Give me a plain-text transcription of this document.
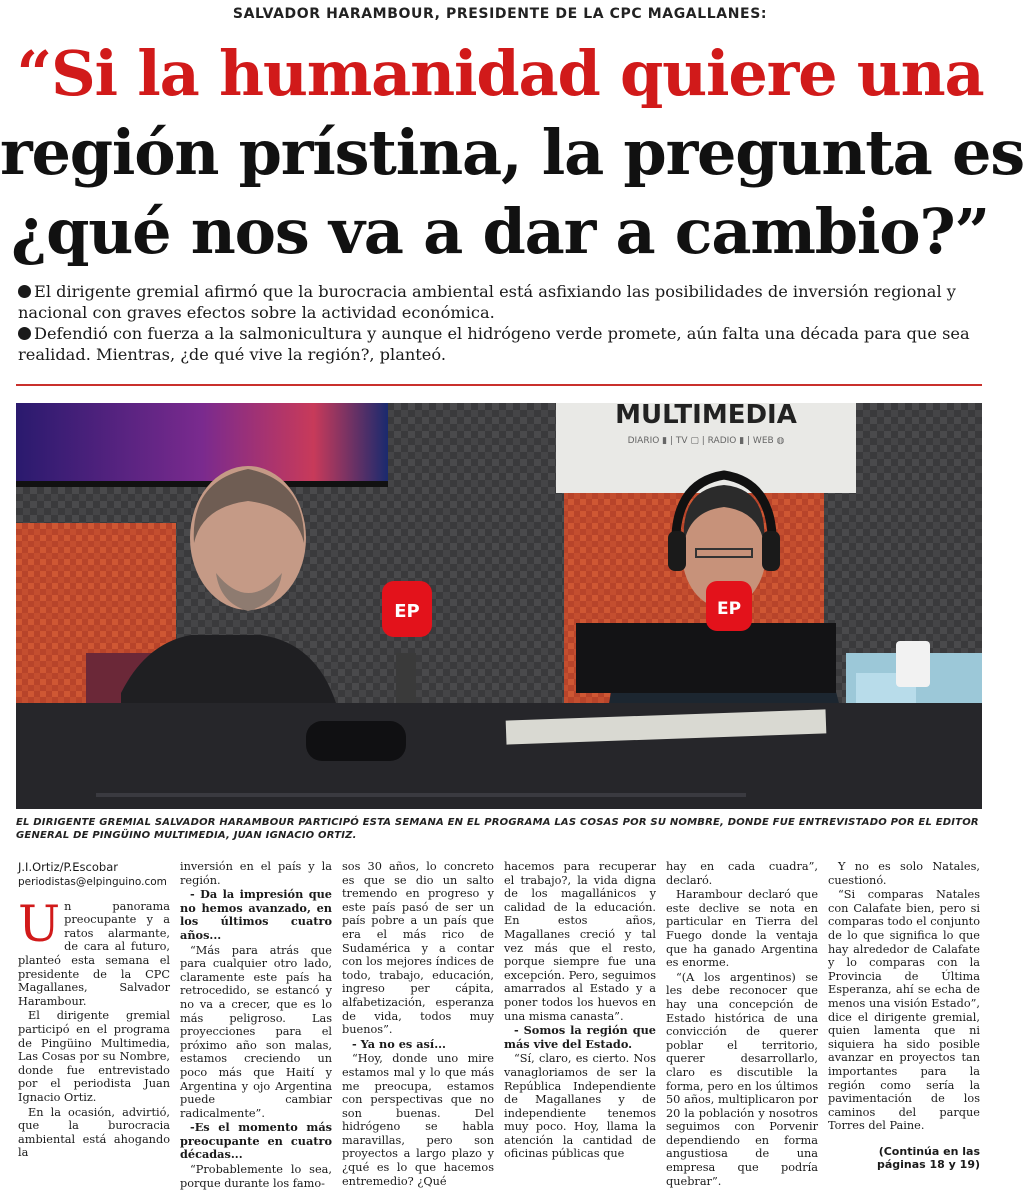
SALVADOR HARAMBOUR, PRESIDENTE DE LA CPC MAGALLANES:
“Si la humanidad quiere una
región prístina, la pregunta es
¿qué nos va a dar a cambio?”

El dirigente gremial afirmó que la burocracia ambiental está asfixiando las posibilidades de inversión regional y nacional con graves efectos sobre la actividad económica.

Defendió con fuerza a la salmonicultura y aunque el hidrógeno verde promete, aún falta una década para que sea realidad. Mientras, ¿de qué vive la región?, planteó.

MULTIMEDIA
DIARIO ▮ | TV ▢ | RADIO ▮ | WEB ◍
EP	EP
EL DIRIGENTE GREMIAL SALVADOR HARAMBOUR PARTICIPÓ ESTA SEMANA EN EL PROGRAMA LAS COSAS POR SU NOMBRE, DONDE FUE ENTREVISTADO POR EL EDITOR GENERAL DE PINGÜINO MULTIMEDIA, JUAN IGNACIO ORTIZ.

J.I.Ortiz/P.Escobar

periodistas@elpinguino.com

Un panorama preocupante y a ratos alarmante, de cara al futuro, planteó esta semana el presidente de la CPC Magallanes, Salvador Harambour.

El dirigente gremial participó en el programa de Pingüino Multimedia, Las Cosas por su Nombre, donde fue entrevistado por el periodista Juan Ignacio Ortiz.

En la ocasión, advirtió, que la burocracia ambiental está ahogando la

inversión en el país y la región.

- Da la impresión que no hemos avanzado, en los últimos cuatro años...

“Más para atrás que para cualquier otro lado, claramente este país ha retrocedido, se estancó y no va a crecer, que es lo más peligroso. Las proyecciones para el próximo año son malas, estamos creciendo un poco más que Haití y Argentina y ojo Argentina puede cambiar radicalmente”.

-Es el momento más preocupante en cuatro décadas...

“Probablemente lo sea, porque durante los famo-

sos 30 años, lo concreto es que se dio un salto tremendo en progreso y este país pasó de ser un país pobre a un país que era el más rico de Sudamérica y a contar con los mejores índices de todo, trabajo, educación, ingreso per cápita, alfabetización, esperanza de vida, todos muy buenos”.

- Ya no es así...

“Hoy, donde uno mire estamos mal y lo que más me preocupa, estamos con perspectivas que no son buenas. Del hidrógeno se habla maravillas, pero son proyectos a largo plazo y ¿qué es lo que hacemos entremedio? ¿Qué

hacemos para recuperar el trabajo?, la vida digna de los magallánicos y calidad de la educación. En estos años, Magallanes creció y tal vez más que el resto, porque siempre fue una excepción. Pero, seguimos amarrados al Estado y a poner todos los huevos en una misma canasta”.

- Somos la región que más vive del Estado.

“Sí, claro, es cierto. Nos vanagloriamos de ser la República Independiente de Magallanes y de independiente tenemos muy poco. Hoy, llama la atención la cantidad de oficinas públicas que

hay en cada cuadra”, declaró.

Harambour declaró que este declive se nota en particular en Tierra del Fuego donde la ventaja que ha ganado Argentina es enorme.

“(A los argentinos) se les debe reconocer que hay una concepción de Estado histórica de una convicción de querer poblar el territorio, querer desarrollarlo, claro es discutible la forma, pero en los últimos 50 años, multiplicaron por 20 la población y nosotros seguimos con Porvenir dependiendo en forma angustiosa de una empresa que podría quebrar”.

Y no es solo Natales, cuestionó.

“Si comparas Natales con Calafate bien, pero si comparas todo el conjunto de lo que significa lo que hay alrededor de Calafate y lo comparas con la Provincia de Última Esperanza, ahí se echa de menos una visión Estado”, dice el dirigente gremial, quien lamenta que ni siquiera ha sido posible avanzar en proyectos tan importantes para la región como sería la pavimentación de los caminos del parque Torres del Paine.

(Continúa en las páginas 18 y 19)
